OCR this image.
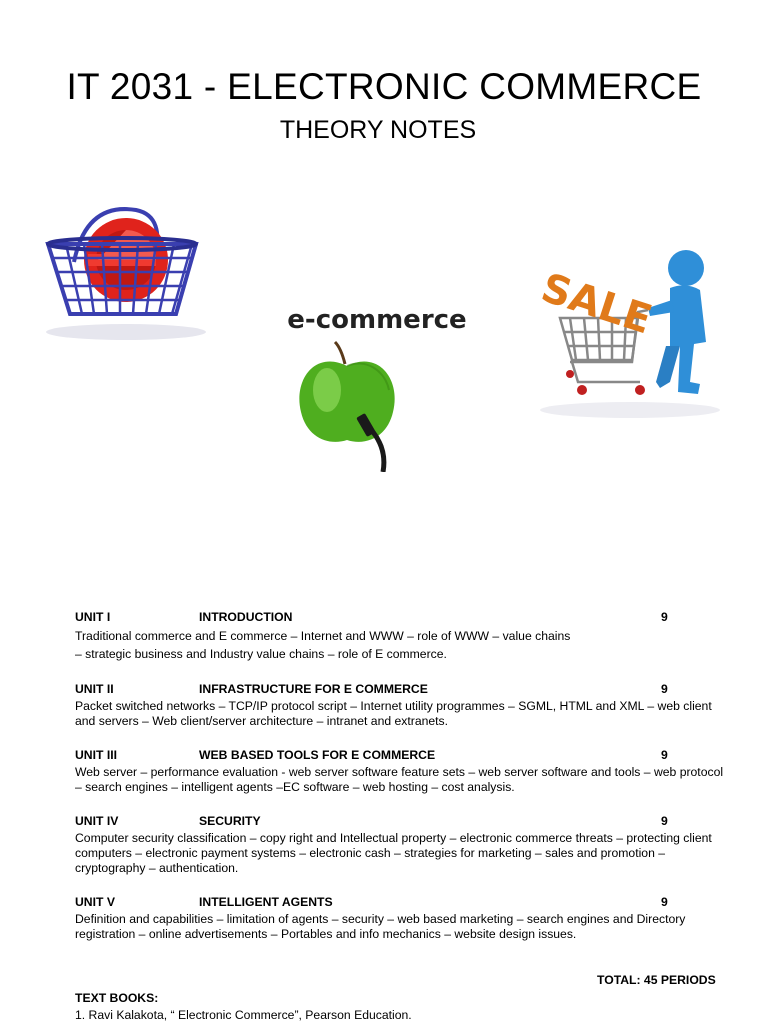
IT 2031 - ELECTRONIC COMMERCE
THEORY NOTES
e-commerce SALE
UNIT I	INTRODUCTION	9

Traditional commerce and E commerce – Internet and WWW – role of WWW – value chains – strategic business and Industry value chains – role of E commerce.

UNIT II	INFRASTRUCTURE FOR E COMMERCE	9

Packet switched networks – TCP/IP protocol script – Internet utility programmes – SGML, HTML and XML – web client and servers – Web client/server architecture – intranet and extranets.

UNIT III	WEB BASED TOOLS FOR E COMMERCE	9

Web server – performance evaluation - web server software feature sets – web server software and tools – web protocol – search engines – intelligent agents –EC software – web hosting – cost analysis.

UNIT IV	SECURITY	9

Computer security classification – copy right and Intellectual property – electronic commerce threats – protecting client computers – electronic payment systems – electronic cash – strategies for marketing – sales and promotion – cryptography – authentication.

UNIT V	INTELLIGENT AGENTS	9

Definition and capabilities – limitation of agents – security – web based marketing – search engines and Directory registration – online advertisements – Portables and info mechanics – website design issues.

TOTAL: 45 PERIODS
TEXT BOOKS:
1. Ravi Kalakota, “ Electronic Commerce”, Pearson Education.
